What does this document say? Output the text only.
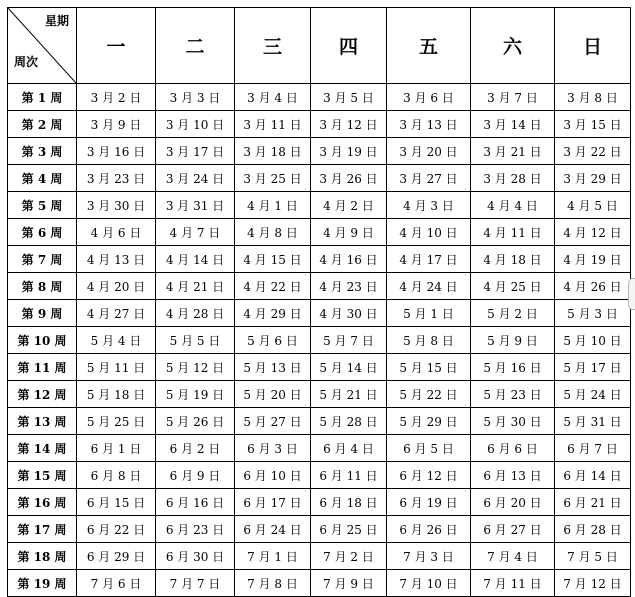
星期
周次	一	二	三	四	五	六	日
第 1 周	3 月 2 日	3 月 3 日	3 月 4 日	3 月 5 日	3 月 6 日	3 月 7 日	3 月 8 日
第 2 周	3 月 9 日	3 月 10 日	3 月 11 日	3 月 12 日	3 月 13 日	3 月 14 日	3 月 15 日
第 3 周	3 月 16 日	3 月 17 日	3 月 18 日	3 月 19 日	3 月 20 日	3 月 21 日	3 月 22 日
第 4 周	3 月 23 日	3 月 24 日	3 月 25 日	3 月 26 日	3 月 27 日	3 月 28 日	3 月 29 日
第 5 周	3 月 30 日	3 月 31 日	4 月 1 日	4 月 2 日	4 月 3 日	4 月 4 日	4 月 5 日
第 6 周	4 月 6 日	4 月 7 日	4 月 8 日	4 月 9 日	4 月 10 日	4 月 11 日	4 月 12 日
第 7 周	4 月 13 日	4 月 14 日	4 月 15 日	4 月 16 日	4 月 17 日	4 月 18 日	4 月 19 日
第 8 周	4 月 20 日	4 月 21 日	4 月 22 日	4 月 23 日	4 月 24 日	4 月 25 日	4 月 26 日
第 9 周	4 月 27 日	4 月 28 日	4 月 29 日	4 月 30 日	5 月 1 日	5 月 2 日	5 月 3 日
第 10 周	5 月 4 日	5 月 5 日	5 月 6 日	5 月 7 日	5 月 8 日	5 月 9 日	5 月 10 日
第 11 周	5 月 11 日	5 月 12 日	5 月 13 日	5 月 14 日	5 月 15 日	5 月 16 日	5 月 17 日
第 12 周	5 月 18 日	5 月 19 日	5 月 20 日	5 月 21 日	5 月 22 日	5 月 23 日	5 月 24 日
第 13 周	5 月 25 日	5 月 26 日	5 月 27 日	5 月 28 日	5 月 29 日	5 月 30 日	5 月 31 日
第 14 周	6 月 1 日	6 月 2 日	6 月 3 日	6 月 4 日	6 月 5 日	6 月 6 日	6 月 7 日
第 15 周	6 月 8 日	6 月 9 日	6 月 10 日	6 月 11 日	6 月 12 日	6 月 13 日	6 月 14 日
第 16 周	6 月 15 日	6 月 16 日	6 月 17 日	6 月 18 日	6 月 19 日	6 月 20 日	6 月 21 日
第 17 周	6 月 22 日	6 月 23 日	6 月 24 日	6 月 25 日	6 月 26 日	6 月 27 日	6 月 28 日
第 18 周	6 月 29 日	6 月 30 日	7 月 1 日	7 月 2 日	7 月 3 日	7 月 4 日	7 月 5 日
第 19 周	7 月 6 日	7 月 7 日	7 月 8 日	7 月 9 日	7 月 10 日	7 月 11 日	7 月 12 日
